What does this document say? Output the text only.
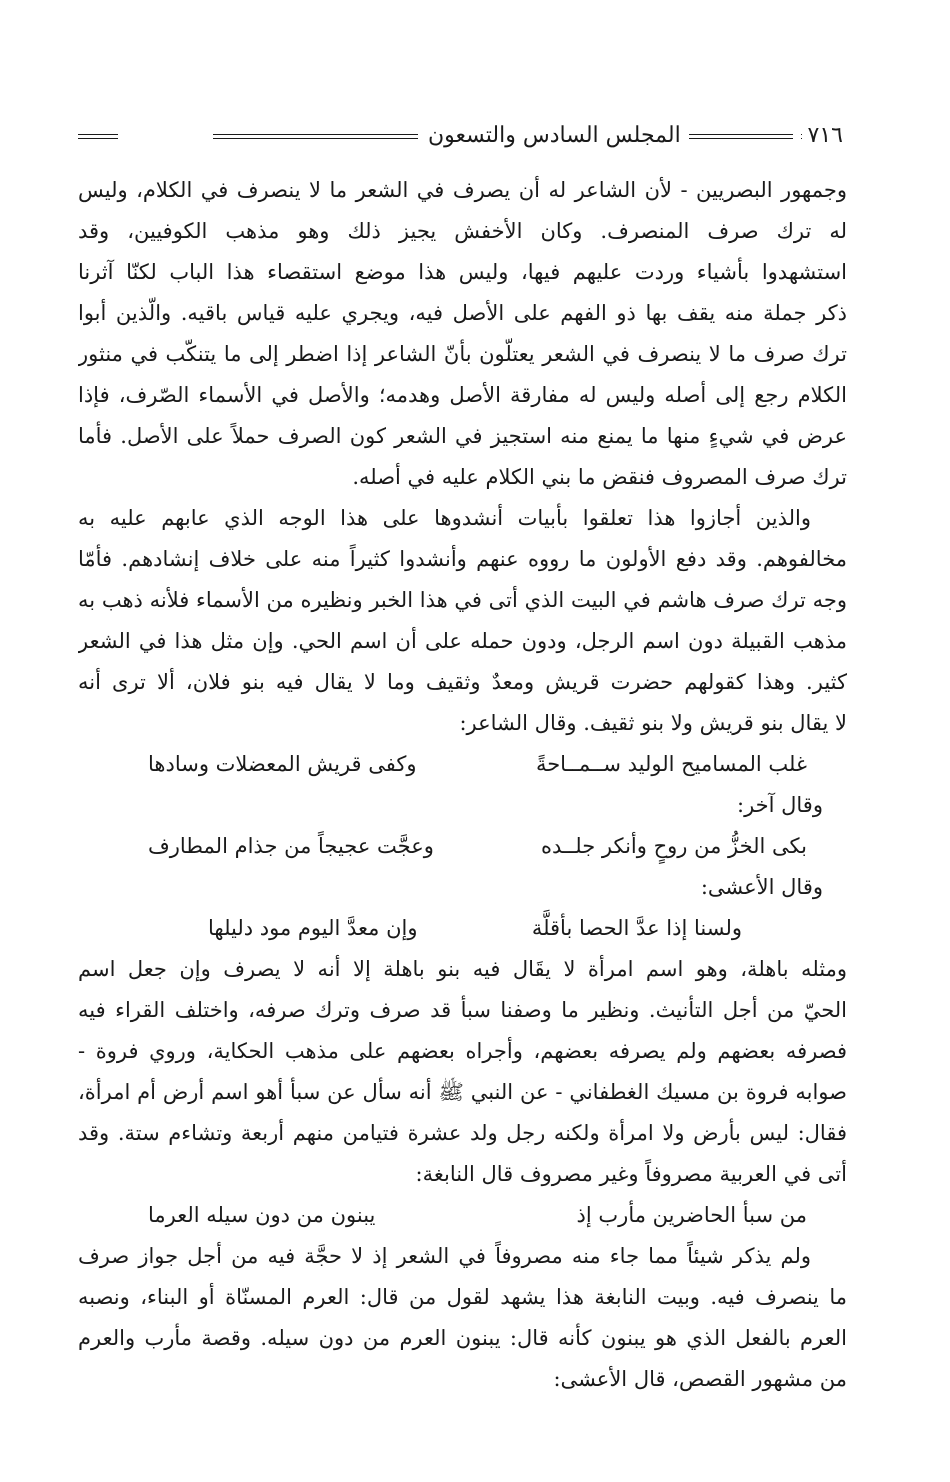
٧١٦
المجلس السادس والتسعون
وجمهور البصريين - لأن الشاعر له أن يصرف في الشعر ما لا ينصرف في الكلام، وليس
له ترك صرف المنصرف. وكان الأخفش يجيز ذلك وهو مذهب الكوفيين، وقد
استشهدوا بأشياء وردت عليهم فيها، وليس هذا موضع استقصاء هذا الباب لكنّا آثرنا
ذكر جملة منه يقف بها ذو الفهم على الأصل فيه، ويجري عليه قياس باقيه. والّذين أبوا
ترك صرف ما لا ينصرف في الشعر يعتلّون بأنّ الشاعر إذا اضطر إلى ما يتنكّب في منثور
الكلام رجع إلى أصله وليس له مفارقة الأصل وهدمه؛ والأصل في الأسماء الصّرف، فإذا
عرض في شيءٍ منها ما يمنع منه استجيز في الشعر كون الصرف حملاً على الأصل. فأما
ترك صرف المصروف فنقض ما بني الكلام عليه في أصله.
والذين أجازوا هذا تعلقوا بأبيات أنشدوها على هذا الوجه الذي عابهم عليه به
مخالفوهم. وقد دفع الأولون ما رووه عنهم وأنشدوا كثيراً منه على خلاف إنشادهم. فأمّا
وجه ترك صرف هاشم في البيت الذي أتى في هذا الخبر ونظيره من الأسماء فلأنه ذهب به
مذهب القبيلة دون اسم الرجل، ودون حمله على أن اسم الحي. وإن مثل هذا في الشعر
كثير. وهذا كقولهم حضرت قريش ومعدٌ وثقيف وما لا يقال فيه بنو فلان، ألا ترى أنه
لا يقال بنو قريش ولا بنو ثقيف. وقال الشاعر:
غلب المساميح الوليد ســمــاحةً
وكفى قريش المعضلات وسادها
وقال آخر:
بكى الخزُّ من روحٍ وأنكر جلــده
وعجَّت عجيجاً من جذام المطارف
وقال الأعشى:
ولسنا إذا عدَّ الحصا بأقلَّة
وإن معدَّ اليوم مود دليلها
ومثله باهلة، وهو اسم امرأة لا يقَال فيه بنو باهلة إلا أنه لا يصرف وإن جعل اسم
الحيّ من أجل التأنيث. ونظير ما وصفنا سبأ قد صرف وترك صرفه، واختلف القراء فيه
فصرفه بعضهم ولم يصرفه بعضهم، وأجراه بعضهم على مذهب الحكاية، وروي فروة -
صوابه فروة بن مسيك الغطفاني - عن النبي ﷺ أنه سأل عن سبأ أهو اسم أرض أم امرأة،
فقال: ليس بأرض ولا امرأة ولكنه رجل ولد عشرة فتيامن منهم أربعة وتشاءم ستة. وقد
أتى في العربية مصروفاً وغير مصروف قال النابغة:
من سبأ الحاضرين مأرب إذ
يبنون من دون سيله العرما
ولم يذكر شيئاً مما جاء منه مصروفاً في الشعر إذ لا حجَّة فيه من أجل جواز صرف
ما ينصرف فيه. وبيت النابغة هذا يشهد لقول من قال: العرم المسنّاة أو البناء، ونصبه
العرم بالفعل الذي هو يبنون كأنه قال: يبنون العرم من دون سيله. وقصة مأرب والعرم
من مشهور القصص، قال الأعشى:
